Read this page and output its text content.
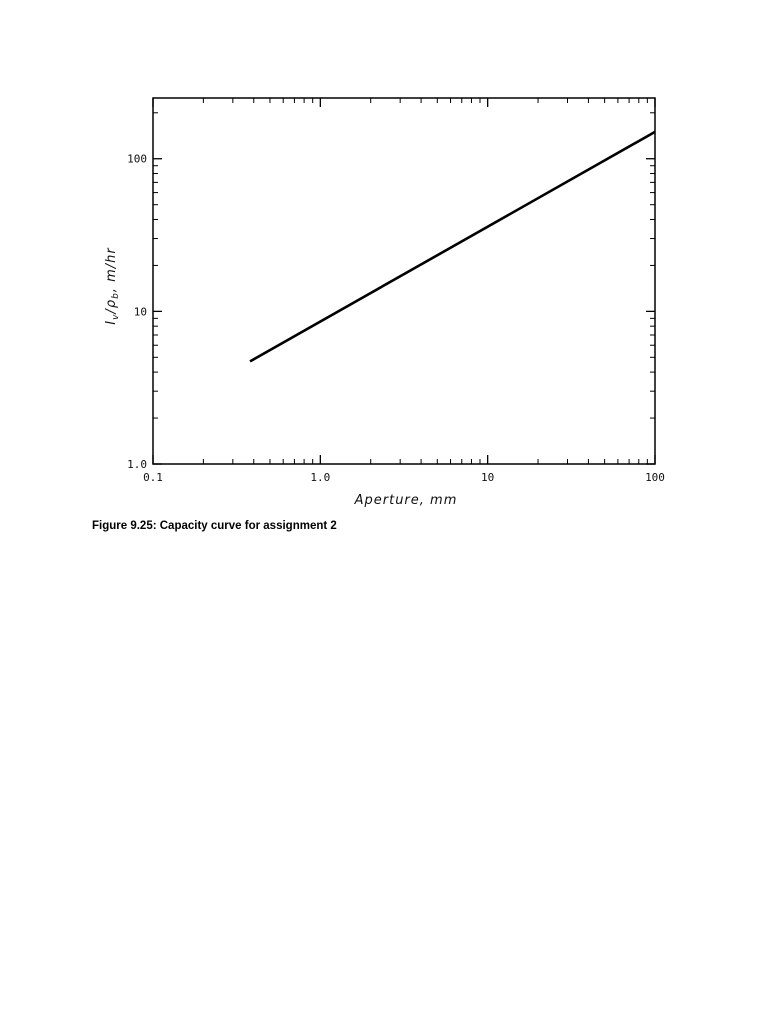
0.1	1.0	10	100
1.0
10
100
Aperture, mm
$I_v/\rho_b$, m/hr
Figure 9.25: Capacity curve for assignment 2
